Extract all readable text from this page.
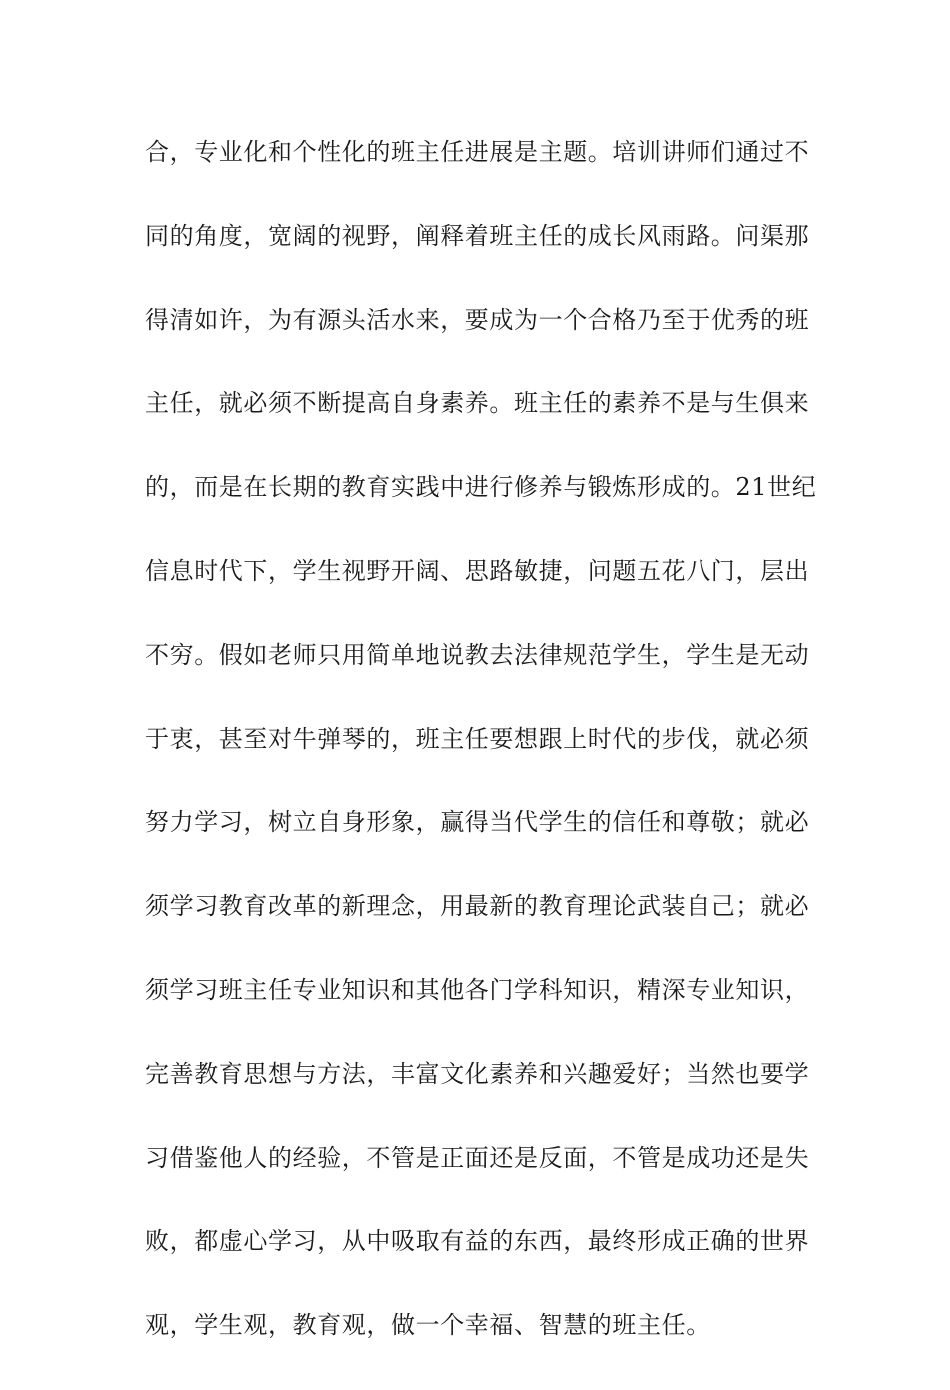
合，专业化和个性化的班主任进展是主题。培训讲师们通过不
同的角度，宽阔的视野，阐释着班主任的成长风雨路。问渠那
得清如许，为有源头活水来，要成为一个合格乃至于优秀的班
主任，就必须不断提高自身素养。班主任的素养不是与生俱来
的，而是在长期的教育实践中进行修养与锻炼形成的。21世纪
信息时代下，学生视野开阔、思路敏捷，问题五花八门，层出
不穷。假如老师只用简单地说教去法律规范学生，学生是无动
于衷，甚至对牛弹琴的，班主任要想跟上时代的步伐，就必须
努力学习，树立自身形象，赢得当代学生的信任和尊敬；就必
须学习教育改革的新理念，用最新的教育理论武装自己；就必
须学习班主任专业知识和其他各门学科知识，精深专业知识，
完善教育思想与方法，丰富文化素养和兴趣爱好；当然也要学
习借鉴他人的经验，不管是正面还是反面，不管是成功还是失
败，都虚心学习，从中吸取有益的东西，最终形成正确的世界
观，学生观，教育观，做一个幸福、智慧的班主任。
